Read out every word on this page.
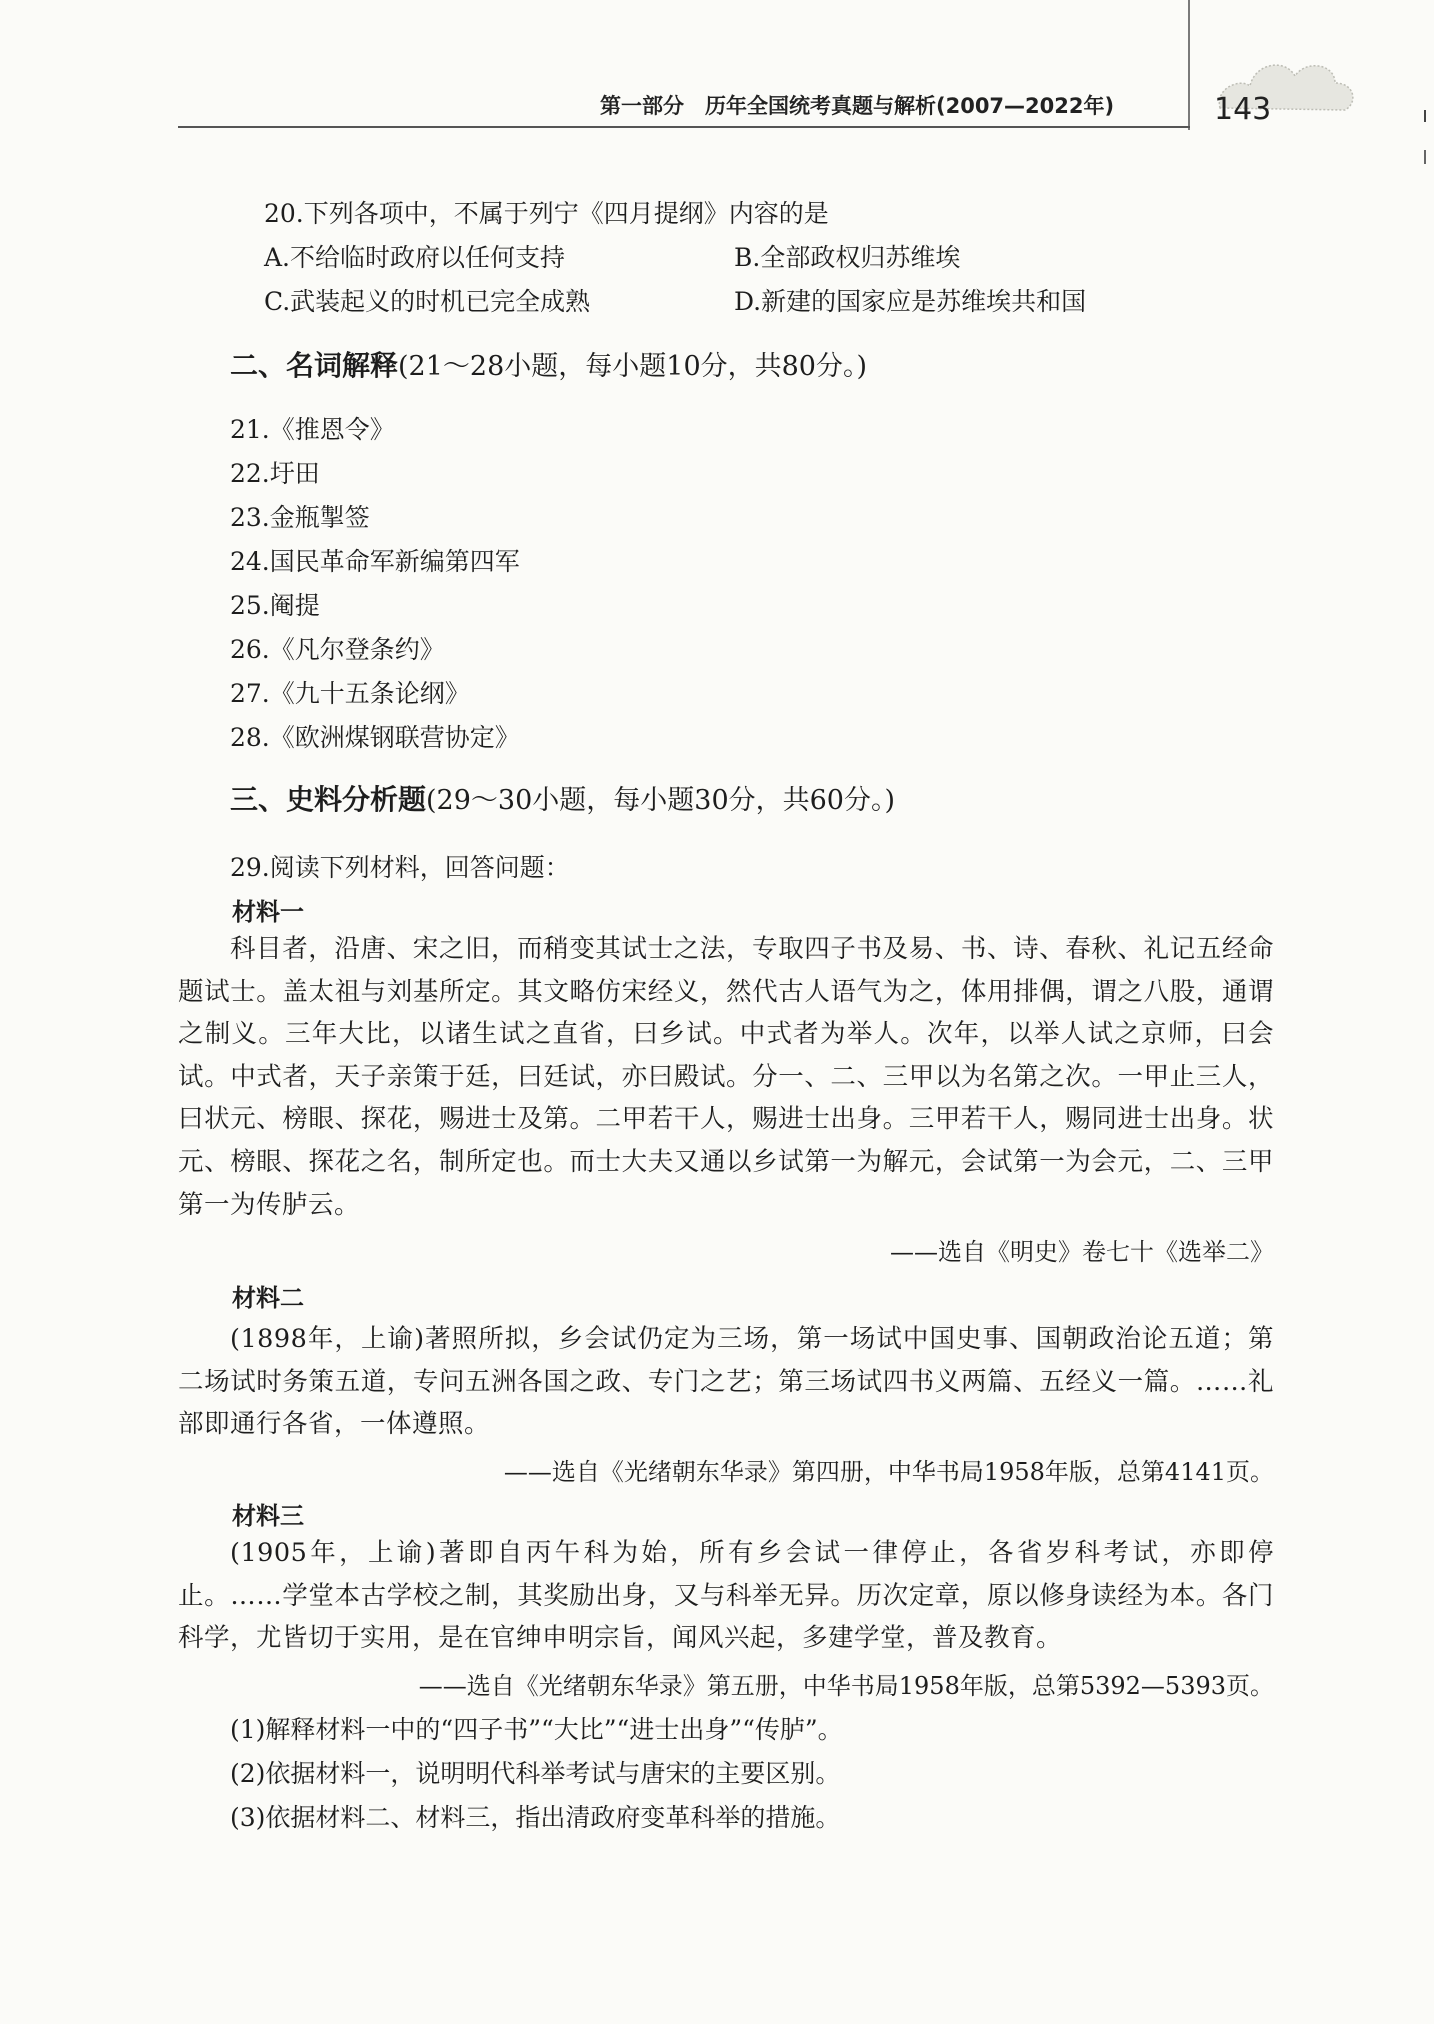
第一部分　历年全国统考真题与解析(2007—2022年)	143
20.下列各项中，不属于列宁《四月提纲》内容的是
A.不给临时政府以任何支持	B.全部政权归苏维埃
C.武装起义的时机已完全成熟	D.新建的国家应是苏维埃共和国
二、名词解释(21～28小题，每小题10分，共80分。)
21.《推恩令》
22.圩田
23.金瓶掣签
24.国民革命军新编第四军
25.阉提
26.《凡尔登条约》
27.《九十五条论纲》
28.《欧洲煤钢联营协定》
三、史料分析题(29～30小题，每小题30分，共60分。)
29.阅读下列材料，回答问题：
材料一
科目者，沿唐、宋之旧，而稍变其试士之法，专取四子书及易、书、诗、春秋、礼记五经命题试士。盖太祖与刘基所定。其文略仿宋经义，然代古人语气为之，体用排偶，谓之八股，通谓之制义。三年大比，以诸生试之直省，曰乡试。中式者为举人。次年，以举人试之京师，曰会试。中式者，天子亲策于廷，曰廷试，亦曰殿试。分一、二、三甲以为名第之次。一甲止三人，曰状元、榜眼、探花，赐进士及第。二甲若干人，赐进士出身。三甲若干人，赐同进士出身。状元、榜眼、探花之名，制所定也。而士大夫又通以乡试第一为解元，会试第一为会元，二、三甲第一为传胪云。
——选自《明史》卷七十《选举二》
材料二
(1898年，上谕)著照所拟，乡会试仍定为三场，第一场试中国史事、国朝政治论五道；第二场试时务策五道，专问五洲各国之政、专门之艺；第三场试四书义两篇、五经义一篇。……礼部即通行各省，一体遵照。
——选自《光绪朝东华录》第四册，中华书局1958年版，总第4141页。
材料三
(1905年，上谕)著即自丙午科为始，所有乡会试一律停止，各省岁科考试，亦即停止。……学堂本古学校之制，其奖励出身，又与科举无异。历次定章，原以修身读经为本。各门科学，尤皆切于实用，是在官绅申明宗旨，闻风兴起，多建学堂，普及教育。
——选自《光绪朝东华录》第五册，中华书局1958年版，总第5392—5393页。
(1)解释材料一中的“四子书”“大比”“进士出身”“传胪”。
(2)依据材料一，说明明代科举考试与唐宋的主要区别。
(3)依据材料二、材料三，指出清政府变革科举的措施。
